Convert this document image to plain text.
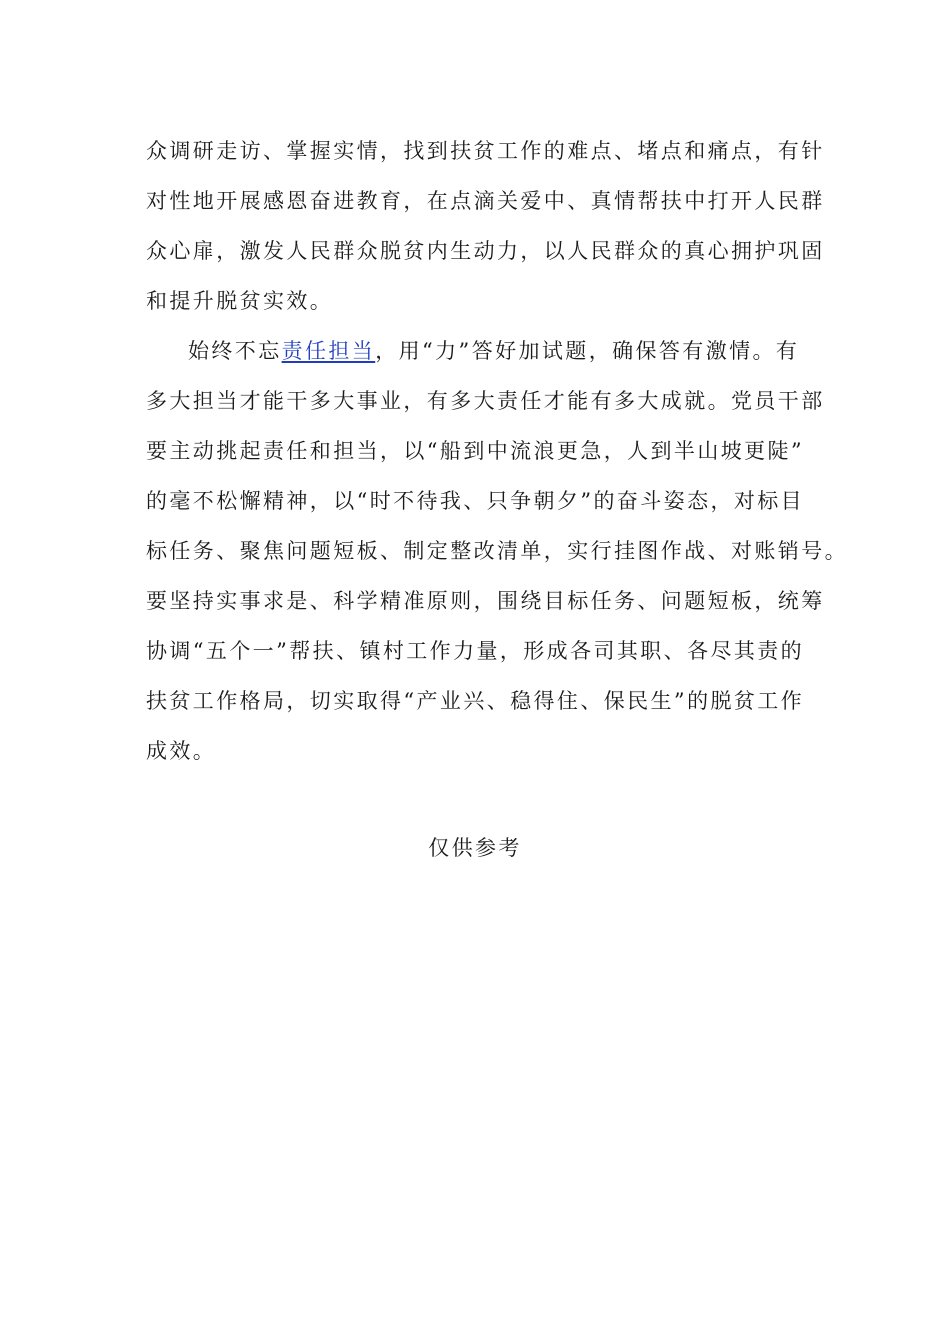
众调研走访、掌握实情，找到扶贫工作的难点、堵点和痛点，有针
对性地开展感恩奋进教育，在点滴关爱中、真情帮扶中打开人民群
众心扉，激发人民群众脱贫内生动力，以人民群众的真心拥护巩固
和提升脱贫实效。
始终不忘责任担当，用“力”答好加试题，确保答有激情。有
多大担当才能干多大事业，有多大责任才能有多大成就。党员干部
要主动挑起责任和担当，以“船到中流浪更急，人到半山坡更陡”
的毫不松懈精神，以“时不待我、只争朝夕”的奋斗姿态，对标目
标任务、聚焦问题短板、制定整改清单，实行挂图作战、对账销号。
要坚持实事求是、科学精准原则，围绕目标任务、问题短板，统筹
协调“五个一”帮扶、镇村工作力量，形成各司其职、各尽其责的
扶贫工作格局，切实取得“产业兴、稳得住、保民生”的脱贫工作
成效。
仅供参考
